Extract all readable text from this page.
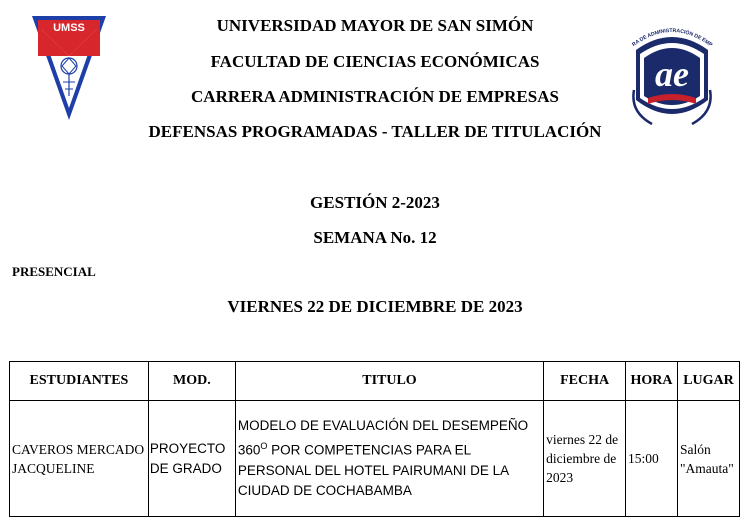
UMSS
ae
RA DE ADMINISTRACIÓN DE EMP
UNIVERSIDAD MAYOR DE SAN SIMÓN
FACULTAD DE CIENCIAS ECONÓMICAS
CARRERA ADMINISTRACIÓN DE EMPRESAS
DEFENSAS PROGRAMADAS - TALLER DE TITULACIÓN
GESTIÓN 2-2023
SEMANA No. 12
PRESENCIAL
VIERNES 22 DE DICIEMBRE DE 2023
ESTUDIANTES	MOD.	TITULO	FECHA	HORA	LUGAR
CAVEROS MERCADO JACQUELINE	PROYECTO DE GRADO	MODELO DE EVALUACIÓN DEL DESEMPEÑO $360^O$ POR COMPETENCIAS PARA EL PERSONAL DEL HOTEL PAIRUMANI DE LA CIUDAD DE COCHABAMBA	viernes 22 de diciembre de 2023	15:00	Salón "Amauta"
